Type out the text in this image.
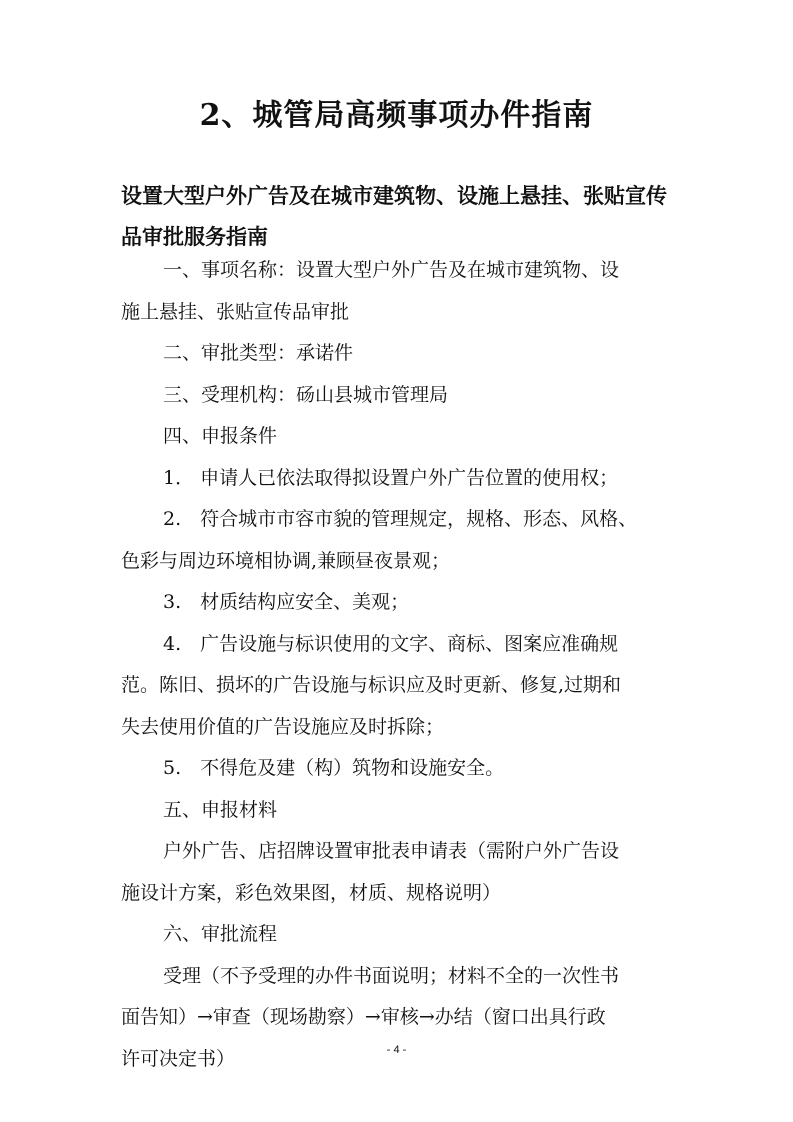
2、城管局高频事项办件指南
设置大型户外广告及在城市建筑物、设施上悬挂、张贴宣传
品审批服务指南
一、事项名称：设置大型户外广告及在城市建筑物、设
施上悬挂、张贴宣传品审批
二、审批类型：承诺件
三、受理机构：砀山县城市管理局
四、申报条件
1． 申请人已依法取得拟设置户外广告位置的使用权；
2.　符合城市市容市貌的管理规定，规格、形态、风格、
色彩与周边环境相协调,兼顾昼夜景观；
3.　材质结构应安全、美观；
4.　广告设施与标识使用的文字、商标、图案应准确规
范。陈旧、损坏的广告设施与标识应及时更新、修复,过期和
失去使用价值的广告设施应及时拆除；
5.　不得危及建（构）筑物和设施安全。
五、申报材料
户外广告、店招牌设置审批表申请表（需附户外广告设
施设计方案，彩色效果图，材质、规格说明）
六、审批流程
受理（不予受理的办件书面说明；材料不全的一次性书
面告知）→审查（现场勘察）→审核→办结（窗口出具行政
许可决定书）	- 4 -
